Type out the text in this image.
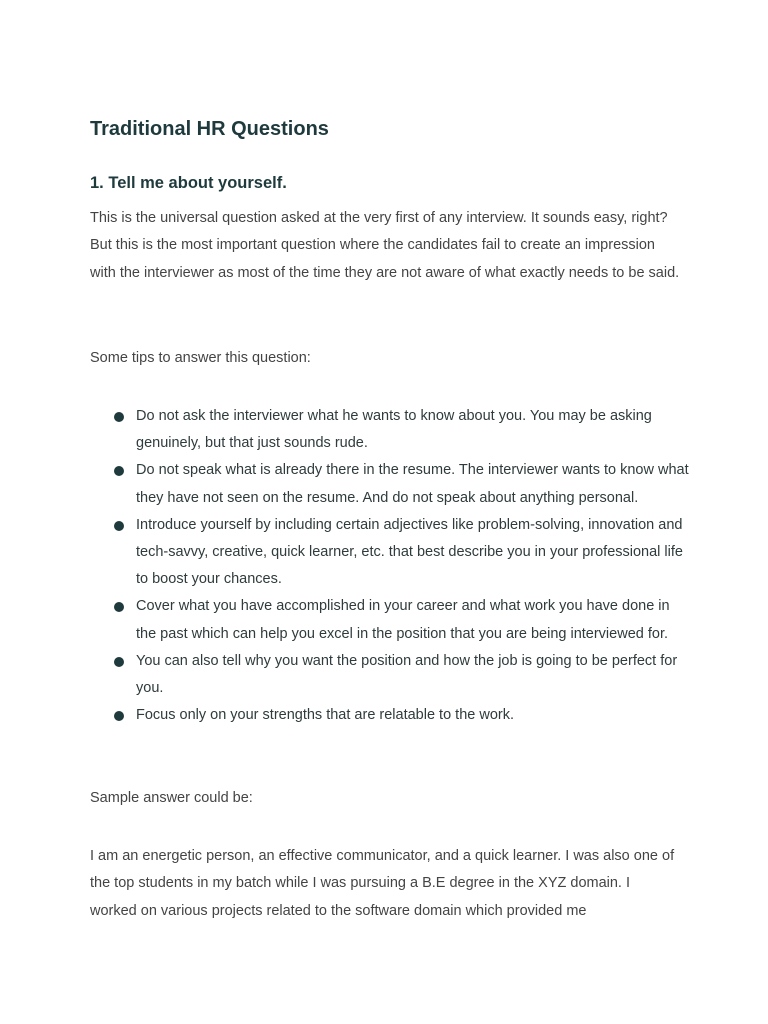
Traditional HR Questions
1. Tell me about yourself.

This is the universal question asked at the very first of any interview. It sounds easy, right? But this is the most important question where the candidates fail to create an impression with the interviewer as most of the time they are not aware of what exactly needs to be said.

Some tips to answer this question:

Do not ask the interviewer what he wants to know about you. You may be asking genuinely, but that just sounds rude.
Do not speak what is already there in the resume. The interviewer wants to know what they have not seen on the resume. And do not speak about anything personal.
Introduce yourself by including certain adjectives like problem-solving, innovation and tech-savvy, creative, quick learner, etc. that best describe you in your professional life to boost your chances.
Cover what you have accomplished in your career and what work you have done in the past which can help you excel in the position that you are being interviewed for.
You can also tell why you want the position and how the job is going to be perfect for you.
Focus only on your strengths that are relatable to the work.

Sample answer could be:

I am an energetic person, an effective communicator, and a quick learner. I was also one of the top students in my batch while I was pursuing a B.E degree in the XYZ domain. I worked on various projects related to the software domain which provided me
